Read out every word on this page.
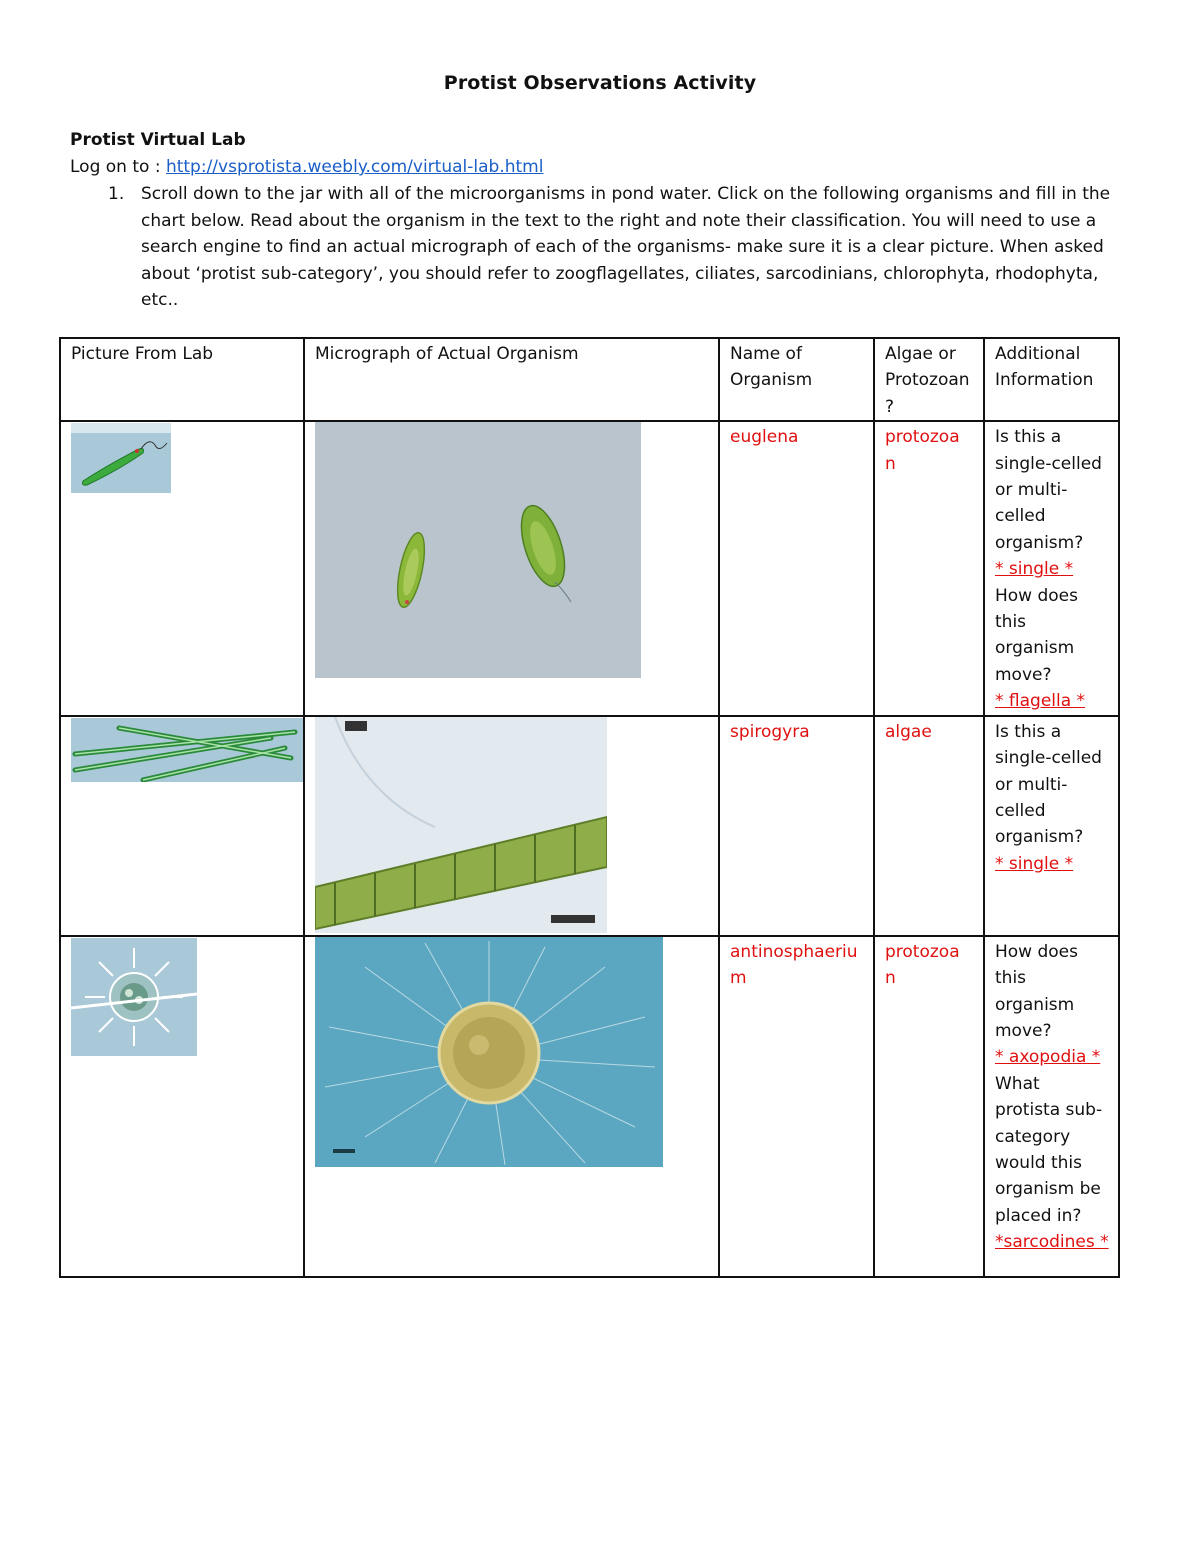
Protist Observations Activity
Protist Virtual Lab
Log on to : http://vsprotista.weebly.com/virtual-lab.html
1. Scroll down to the jar with all of the microorganisms in pond water. Click on the following organisms and fill in the chart below. Read about the organism in the text to the right and note their classification. You will need to use a search engine to find an actual micrograph of each of the organisms- make sure it is a clear picture. When asked about ‘protist sub-category’, you should refer to zoogflagellates, ciliates, sarcodinians, chlorophyta, rhodophyta, etc..
Picture From Lab	Micrograph of Actual Organism	Name of Organism	Algae or Protozoan ?	Additional Information

euglena	protozoa n	Is this a single-celled or multi-celled organism?
* single *
How does this organism move?
* flagella *

spirogyra	algae	Is this a single-celled or multi-celled organism?
* single *

antinosphaeriu m	protozoa n	How does this organism move?
* axopodia *
What protista sub-category would this organism be placed in?
*sarcodines *
